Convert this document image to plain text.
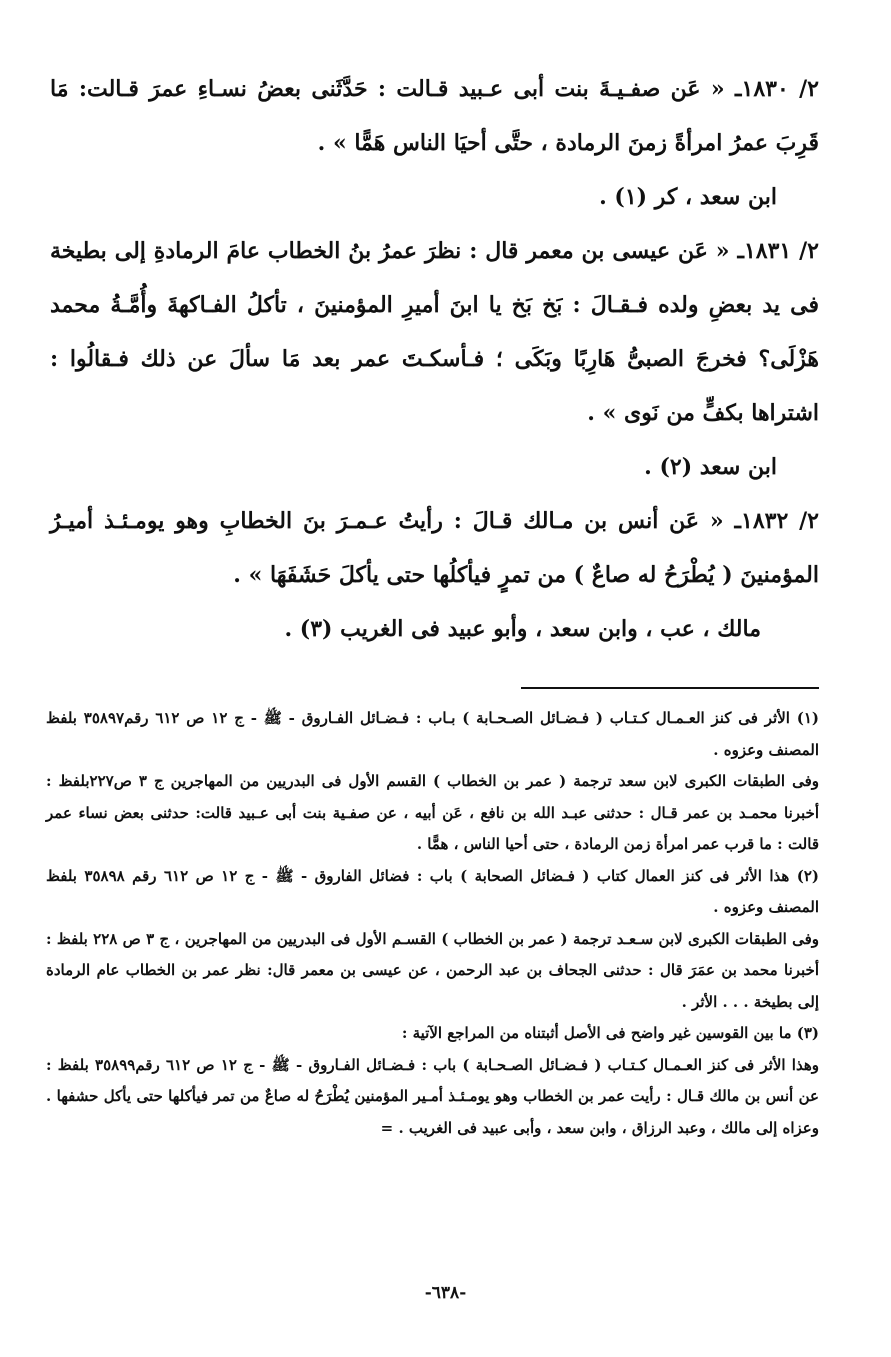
٢/ ١٨٣٠ـ « عَن صفـيـةَ بنت أبى عـبيد قـالت : حَدَّثَنى بعضُ نسـاءِ عمرَ قـالت: مَا قَرِبَ عمرُ امرأةً زمنَ الرمادة ، حتَّى أحيَا الناس هَمًّا » .

ابن سعد ، كر (١) .

٢/ ١٨٣١ـ « عَن عيسى بن معمر قال : نظرَ عمرُ بنُ الخطاب عامَ الرمادةِ إلى بطيخة فى يد بعضِ ولده فـقـالَ : بَخ بَخ يا ابنَ أميرِ المؤمنينَ ، تأكلُ الفـاكهةَ وأُمَّـةُ محمد هَزْلَى؟ فخرجَ الصبىُّ هَارِبًا وبَكَى ؛ فـأسكـتَ عمر بعد مَا سألَ عن ذلك فـقالُوا : اشتراها بكفٍّ من نَوى » .

ابن سعد (٢) .

٢/ ١٨٣٢ـ « عَن أنس بن مـالك قـالَ : رأيتُ عـمـرَ بنَ الخطابِ وهو يومـئـذ أميـرُ المؤمنينَ ( يُطْرَحُ له صاعٌ ) من تمرٍ فيأكلُها حتى يأكلَ حَشَفَهَا » .

مالك ، عب ، وابن سعد ، وأبو عبيد فى الغريب (٣) .

(١) الأثر فى كنز العـمـال كـتـاب ( فـضـائل الصـحـابة ) بـاب : فـضـائل الفـاروق - ﷺ - ج ١٢ ص ٦١٢ رقم٣٥٨٩٧ بلفظ المصنف وعزوه .

وفى الطبقات الكبرى لابن سعد ترجمة ( عمر بن الخطاب ) القسم الأول فى البدريين من المهاجرين ج ٣ ص٢٢٧بلفظ : أخبرنا محمـد بن عمر قـال : حدثنى عبـد الله بن نافع ، عَن أبيه ، عن صفـية بنت أبى عـبيد قالت: حدثنى بعض نساء عمر قالت : ما قرب عمر امرأة زمن الرمادة ، حتى أحيا الناس ، همًّا .

(٢) هذا الأثر فى كنز العمال كتاب ( فـضائل الصحابة ) باب : فضائل الفاروق - ﷺ - ج ١٢ ص ٦١٢ رقم ٣٥٨٩٨ بلفظ المصنف وعزوه .

وفى الطبقات الكبرى لابن سـعـد ترجمة ( عمر بن الخطاب ) القسـم الأول فى البدريين من المهاجرين ، ج ٣ ص ٢٢٨ بلفظ : أخبرنا محمد بن عمَرَ قال : حدثنى الجحاف بن عبد الرحمن ، عن عيسى بن معمر قال: نظر عمر بن الخطاب عام الرمادة إلى بطيخة . . . الأثر .

(٣) ما بين القوسين غير واضح فى الأصل أثبتناه من المراجع الآتية :

وهذا الأثر فى كنز العـمـال كـتـاب ( فـضـائل الصـحـابة ) باب : فـضـائل الفـاروق - ﷺ - ج ١٢ ص ٦١٢ رقم٣٥٨٩٩ بلفظ : عن أنس بن مالك قـال : رأيت عمر بن الخطاب وهو يومـئـذ أمـير المؤمنين يُطْرَحُ له صاعٌ من تمر فيأكلها حتى يأكل حشفها . وعزاه إلى مالك ، وعبد الرزاق ، وابن سعد ، وأبى عبيد فى الغريب . =

-٦٣٨-
